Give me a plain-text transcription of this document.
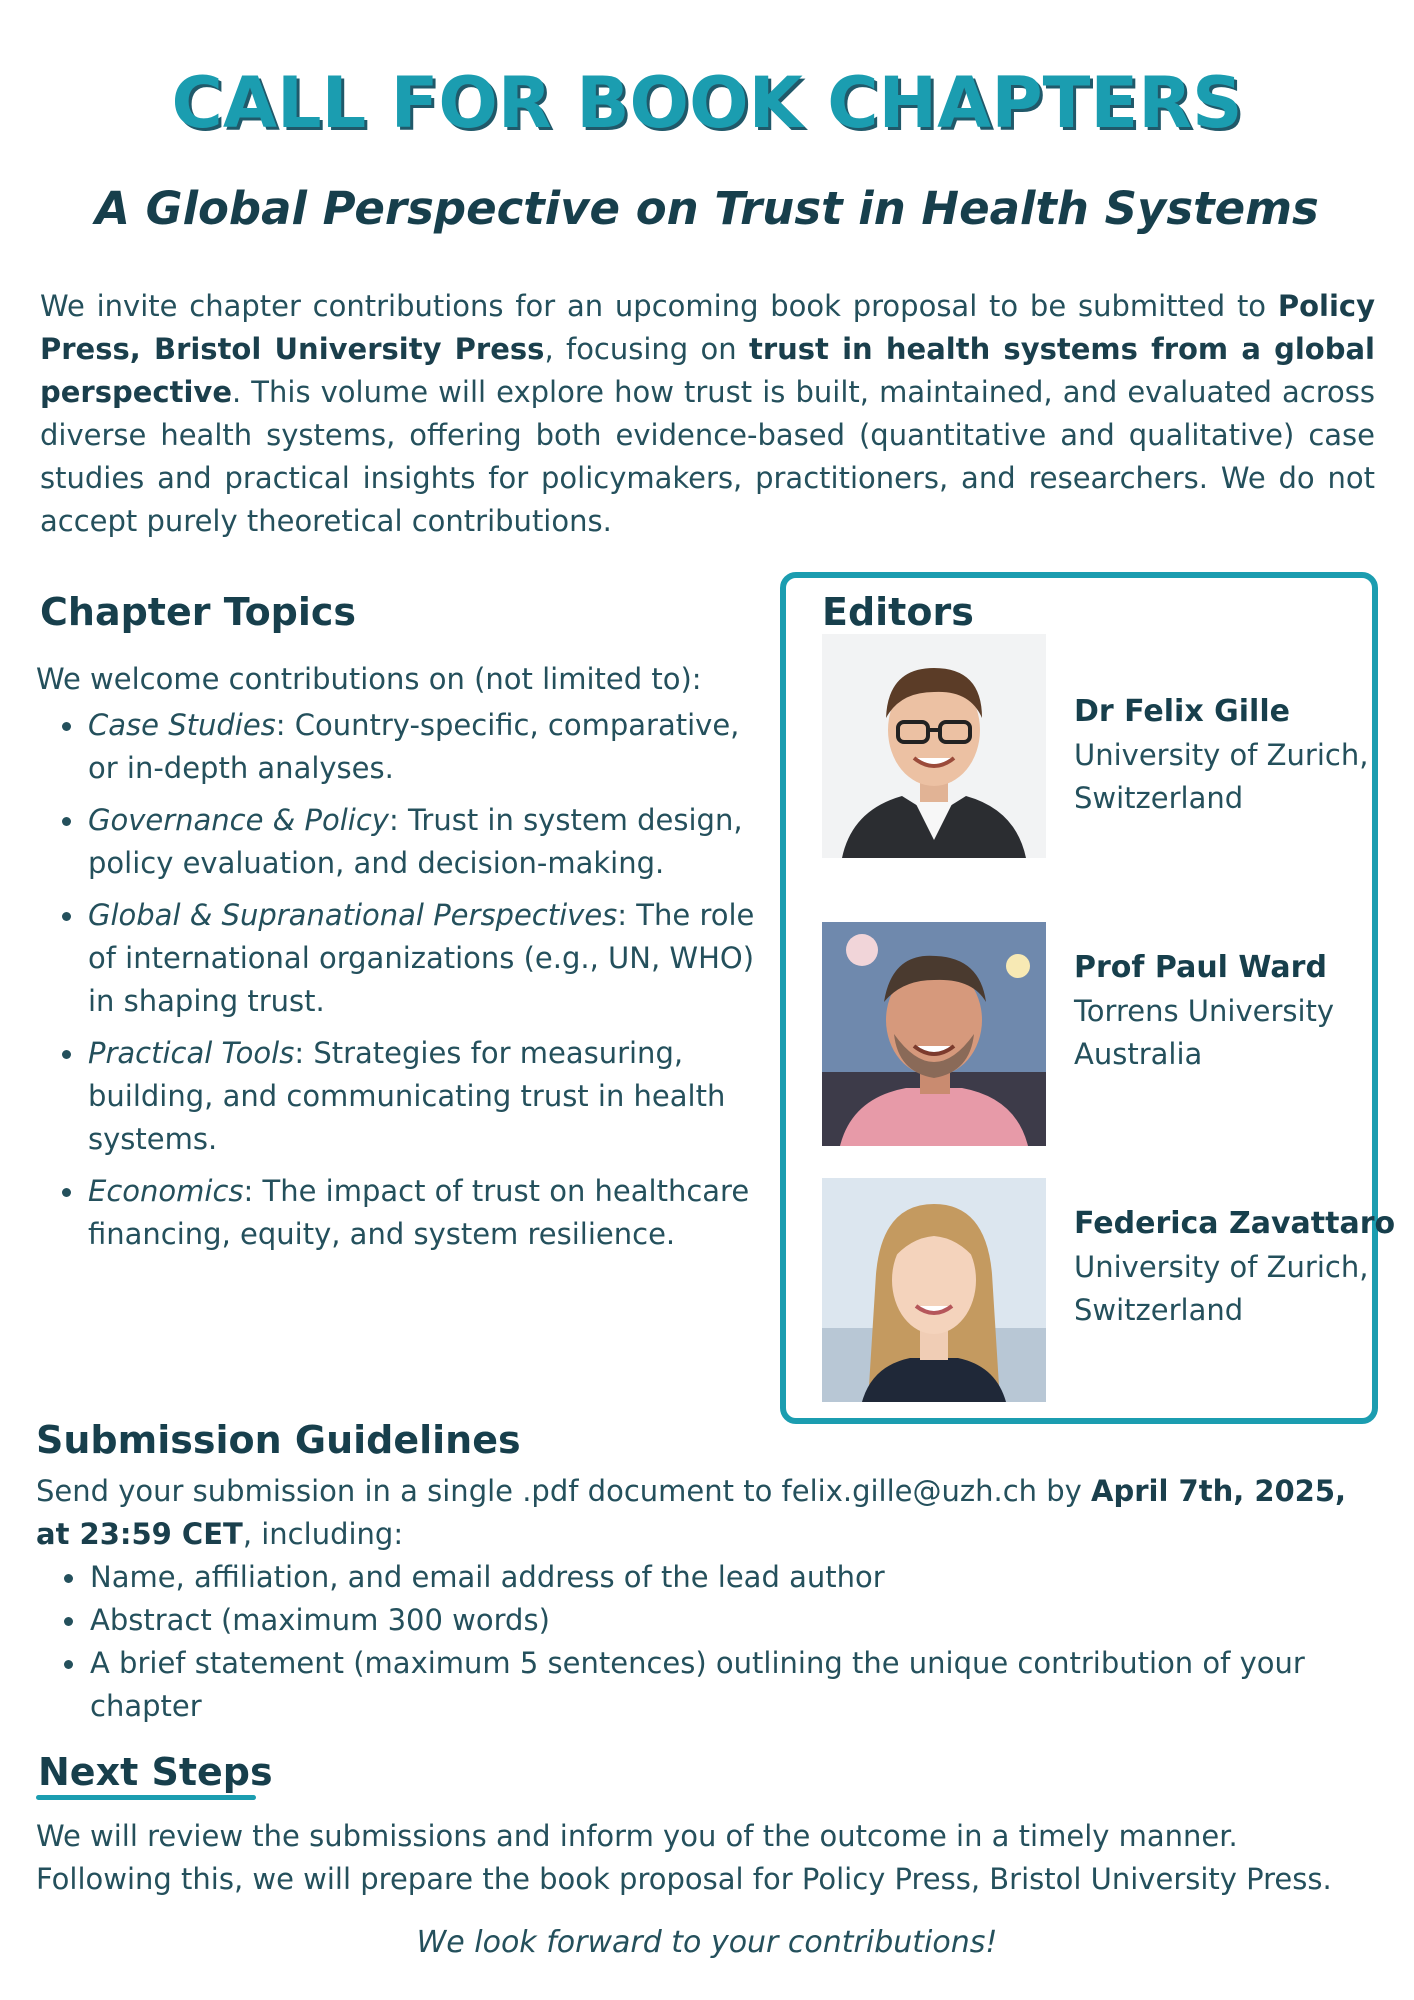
CALL FOR BOOK CHAPTERS
A Global Perspective on Trust in Health Systems

We invite chapter contributions for an upcoming book proposal to be submitted to Policy Press, Bristol University Press, focusing on trust in health systems from a global perspective. This volume will explore how trust is built, maintained, and evaluated across diverse health systems, offering both evidence-based (quantitative and qualitative) case studies and practical insights for policymakers, practitioners, and researchers. We do not accept purely theoretical contributions.

Chapter Topics

We welcome contributions on (not limited to):

Case Studies: Country-specific, comparative, or in-depth analyses.
Governance & Policy: Trust in system design, policy evaluation, and decision-making.
Global & Supranational Perspectives: The role of international organizations (e.g., UN, WHO) in shaping trust.
Practical Tools: Strategies for measuring, building, and communicating trust in health systems.
Economics: The impact of trust on healthcare financing, equity, and system resilience.
Editors

Dr Felix Gille

University of Zurich, Switzerland

Prof Paul Ward

Torrens University Australia

Federica Zavattaro

University of Zurich, Switzerland

Submission Guidelines

Send your submission in a single .pdf document to felix.gille@uzh.ch by April 7th, 2025, at 23:59 CET, including:

Name, affiliation, and email address of the lead author
Abstract (maximum 300 words)
A brief statement (maximum 5 sentences) outlining the unique contribution of your chapter
Next Steps

We will review the submissions and inform you of the outcome in a timely manner. Following this, we will prepare the book proposal for Policy Press, Bristol University Press.

We look forward to your contributions!
